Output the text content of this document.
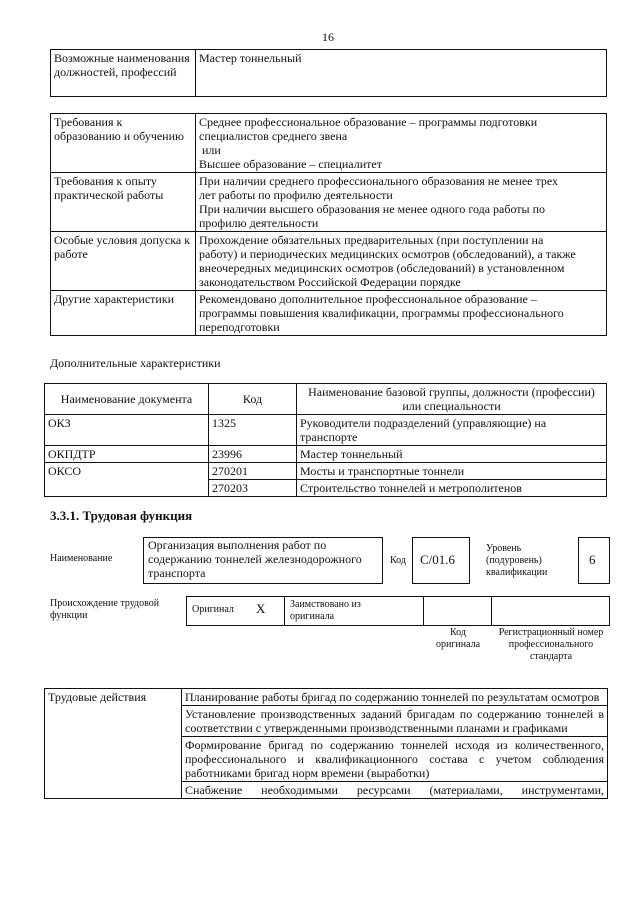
16
Возможные наименования должностей, профессий	Мастер тоннельный
Требования к образованию и обучению	Среднее профессиональное образование – программы подготовки
специалистов среднего звена
или
Высшее образование – специалитет

Требования к опыту практической работы	При наличии среднего профессионального образования не менее трех
лет работы по профилю деятельности
При наличии высшего образования не менее одного года работы по
профилю деятельности

Особые условия допуска к работе	Прохождение обязательных предварительных (при поступлении на
работу) и периодических медицинских осмотров (обследований), а также
внеочередных медицинских осмотров (обследований) в установленном
законодательством Российской Федерации порядке

Другие характеристики	Рекомендовано дополнительное профессиональное образование –
программы повышения квалификации, программы профессионального
переподготовки
Дополнительные характеристики
Наименование документа	Код	Наименование базовой группы, должности (профессии) или специальности
ОКЗ	1325	Руководители подразделений (управляющие) на транспорте
ОКПДТР	23996	Мастер тоннельный
ОКСО	270201	Мосты и транспортные тоннели
	270203	Строительство тоннелей и метрополитенов
3.3.1. Трудовая функция
Наименование
Организация выполнения работ по содержанию тоннелей железнодорожного транспорта
Код С/01.6
Уровень (подуровень) квалификации
6
Происхождение трудовой функции
Оригинал X Заимствовано из оригинала
Код оригинала
Регистрационный номер профессионального стандарта
Трудовые действия	Планирование работы бригад по содержанию тоннелей по результатам осмотров
Установление производственных заданий бригадам по содержанию тоннелей в соответствии с утвержденными производственными планами и графиками
Формирование бригад по содержанию тоннелей исходя из количественного, профессионального и квалификационного состава с учетом соблюдения работниками бригад норм времени (выработки)
Снабжение необходимыми ресурсами (материалами, инструментами,
